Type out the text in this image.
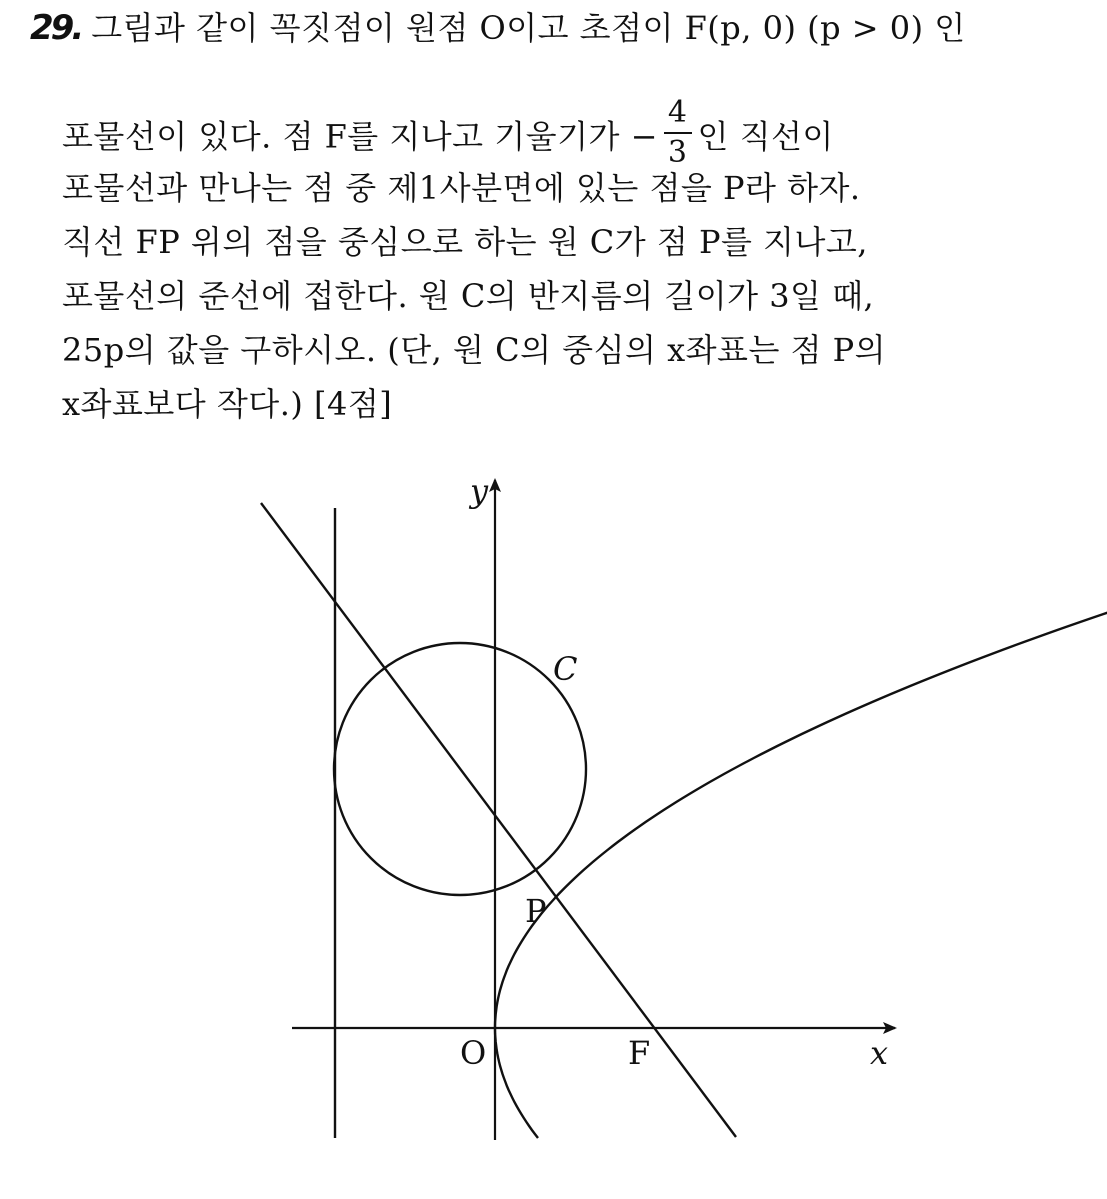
29. 그림과 같이 꼭짓점이 원점 O이고 초점이 F(p, 0) (p > 0) 인
포물선이 있다. 점 F를 지나고 기울기가 − $\frac{4}{3}$ 인 직선이
포물선과 만나는 점 중 제1사분면에 있는 점을 P라 하자.
직선 FP 위의 점을 중심으로 하는 원 C가 점 P를 지나고,
포물선의 준선에 접한다. 원 C의 반지름의 길이가 3일 때,
25p의 값을 구하시오. (단, 원 C의 중심의 x좌표는 점 P의
x좌표보다 작다.) [4점]
y
x
O	F
P
C
